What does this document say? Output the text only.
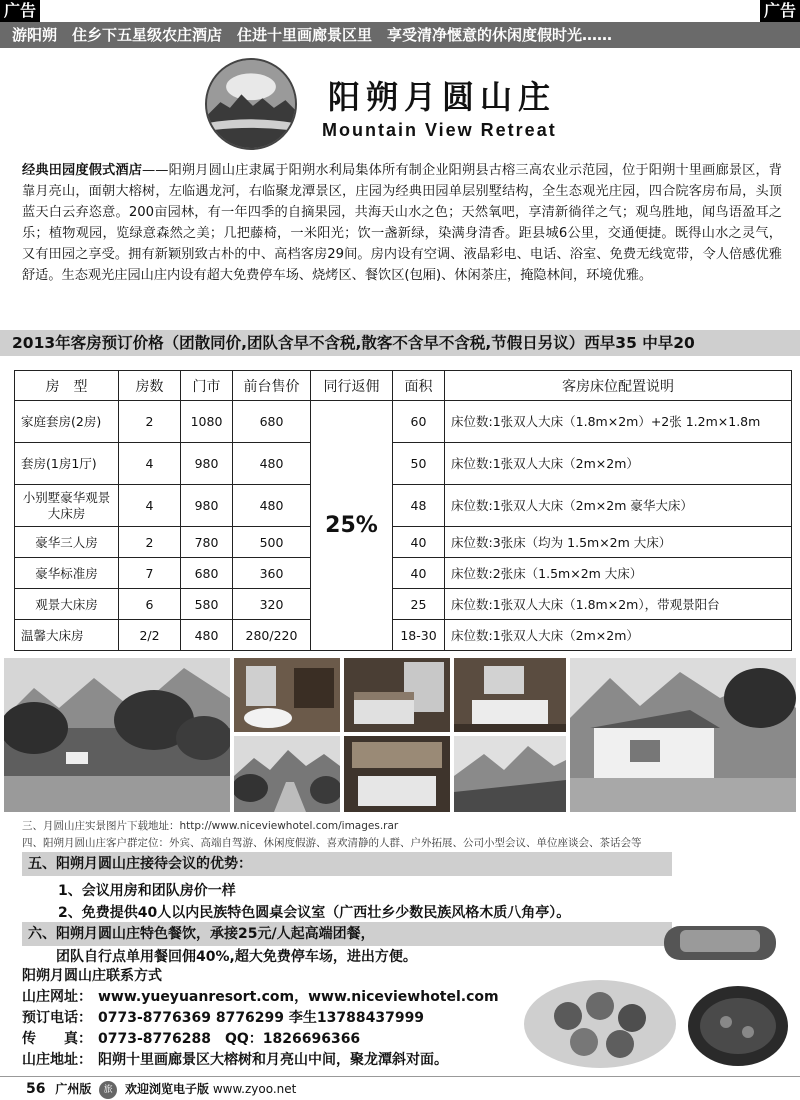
广告	广告
游阳朔　住乡下五星级农庄酒店　住进十里画廊景区里　享受清净惬意的休闲度假时光……
阳朔月圆山庄
Mountain View Retreat
经典田园度假式酒店——阳朔月圆山庄隶属于阳朔水利局集体所有制企业阳朔县古榕三高农业示范园，位于阳朔十里画廊景区，背靠月亮山，面朝大榕树，左临遇龙河，右临聚龙潭景区，庄园为经典田园单层别墅结构，全生态观光庄园，四合院客房布局，头顶蓝天白云弃恣意。200亩园林，有一年四季的自摘果园，共海天山水之色；天然氧吧，享清新徜徉之气；观鸟胜地，闻鸟语盈耳之乐；植物观园，览绿意森然之美；几把藤椅，一米阳光；饮一盏新绿，染满身清香。距县城6公里，交通便捷。既得山水之灵气，又有田园之享受。拥有新颖别致古朴的中、高档客房29间。房内设有空调、液晶彩电、电话、浴室、免费无线宽带，令人倍感优雅舒适。生态观光庄园山庄内设有超大免费停车场、烧烤区、餐饮区(包厢)、休闲茶庄，掩隐林间，环境优雅。
2013年客房预订价格（团散同价,团队含早不含税,散客不含早不含税,节假日另议）西早35 中早20
房　型	房数	门市	前台售价	同行返佣	面积	客房床位配置说明
家庭套房(2房)	2	1080	680	25%	60	床位数:1张双人大床（1.8m×2m）+2张 1.2m×1.8m
套房(1房1厅)	4	980	480		50	床位数:1张双人大床（2m×2m）
小别墅豪华观景大床房	4	980	480		48	床位数:1张双人大床（2m×2m 豪华大床）
豪华三人房	2	780	500		40	床位数:3张床（均为 1.5m×2m 大床）
豪华标准房	7	680	360		40	床位数:2张床（1.5m×2m 大床）
观景大床房	6	580	320		25	床位数:1张双人大床（1.8m×2m），带观景阳台
温馨大床房	2/2	480	280/220		18-30	床位数:1张双人大床（2m×2m）
三、月圆山庄实景图片下载地址：http://www.niceviewhotel.com/images.rar
四、阳朔月圆山庄客户群定位：外宾、高端自驾游、休闲度假游、喜欢清静的人群、户外拓展、公司小型会议、单位座谈会、茶话会等
五、阳朔月圆山庄接待会议的优势：
1、会议用房和团队房价一样
2、免费提供40人以内民族特色圆桌会议室（广西壮乡少数民族风格木质八角亭）。
六、阳朔月圆山庄特色餐饮，承接25元/人起高端团餐，
团队自行点单用餐回佣40%,超大免费停车场，进出方便。
阳朔月圆山庄联系方式
山庄网址： www.yueyuanresort.com，www.niceviewhotel.com
预订电话： 0773-8776369 8776299 李生13788437999
传　　真： 0773-8776288　QQ：1826696366
山庄地址： 阳朔十里画廊景区大榕树和月亮山中间，聚龙潭斜对面。
56 广州版 旅 欢迎浏览电子版 www.zyoo.net
